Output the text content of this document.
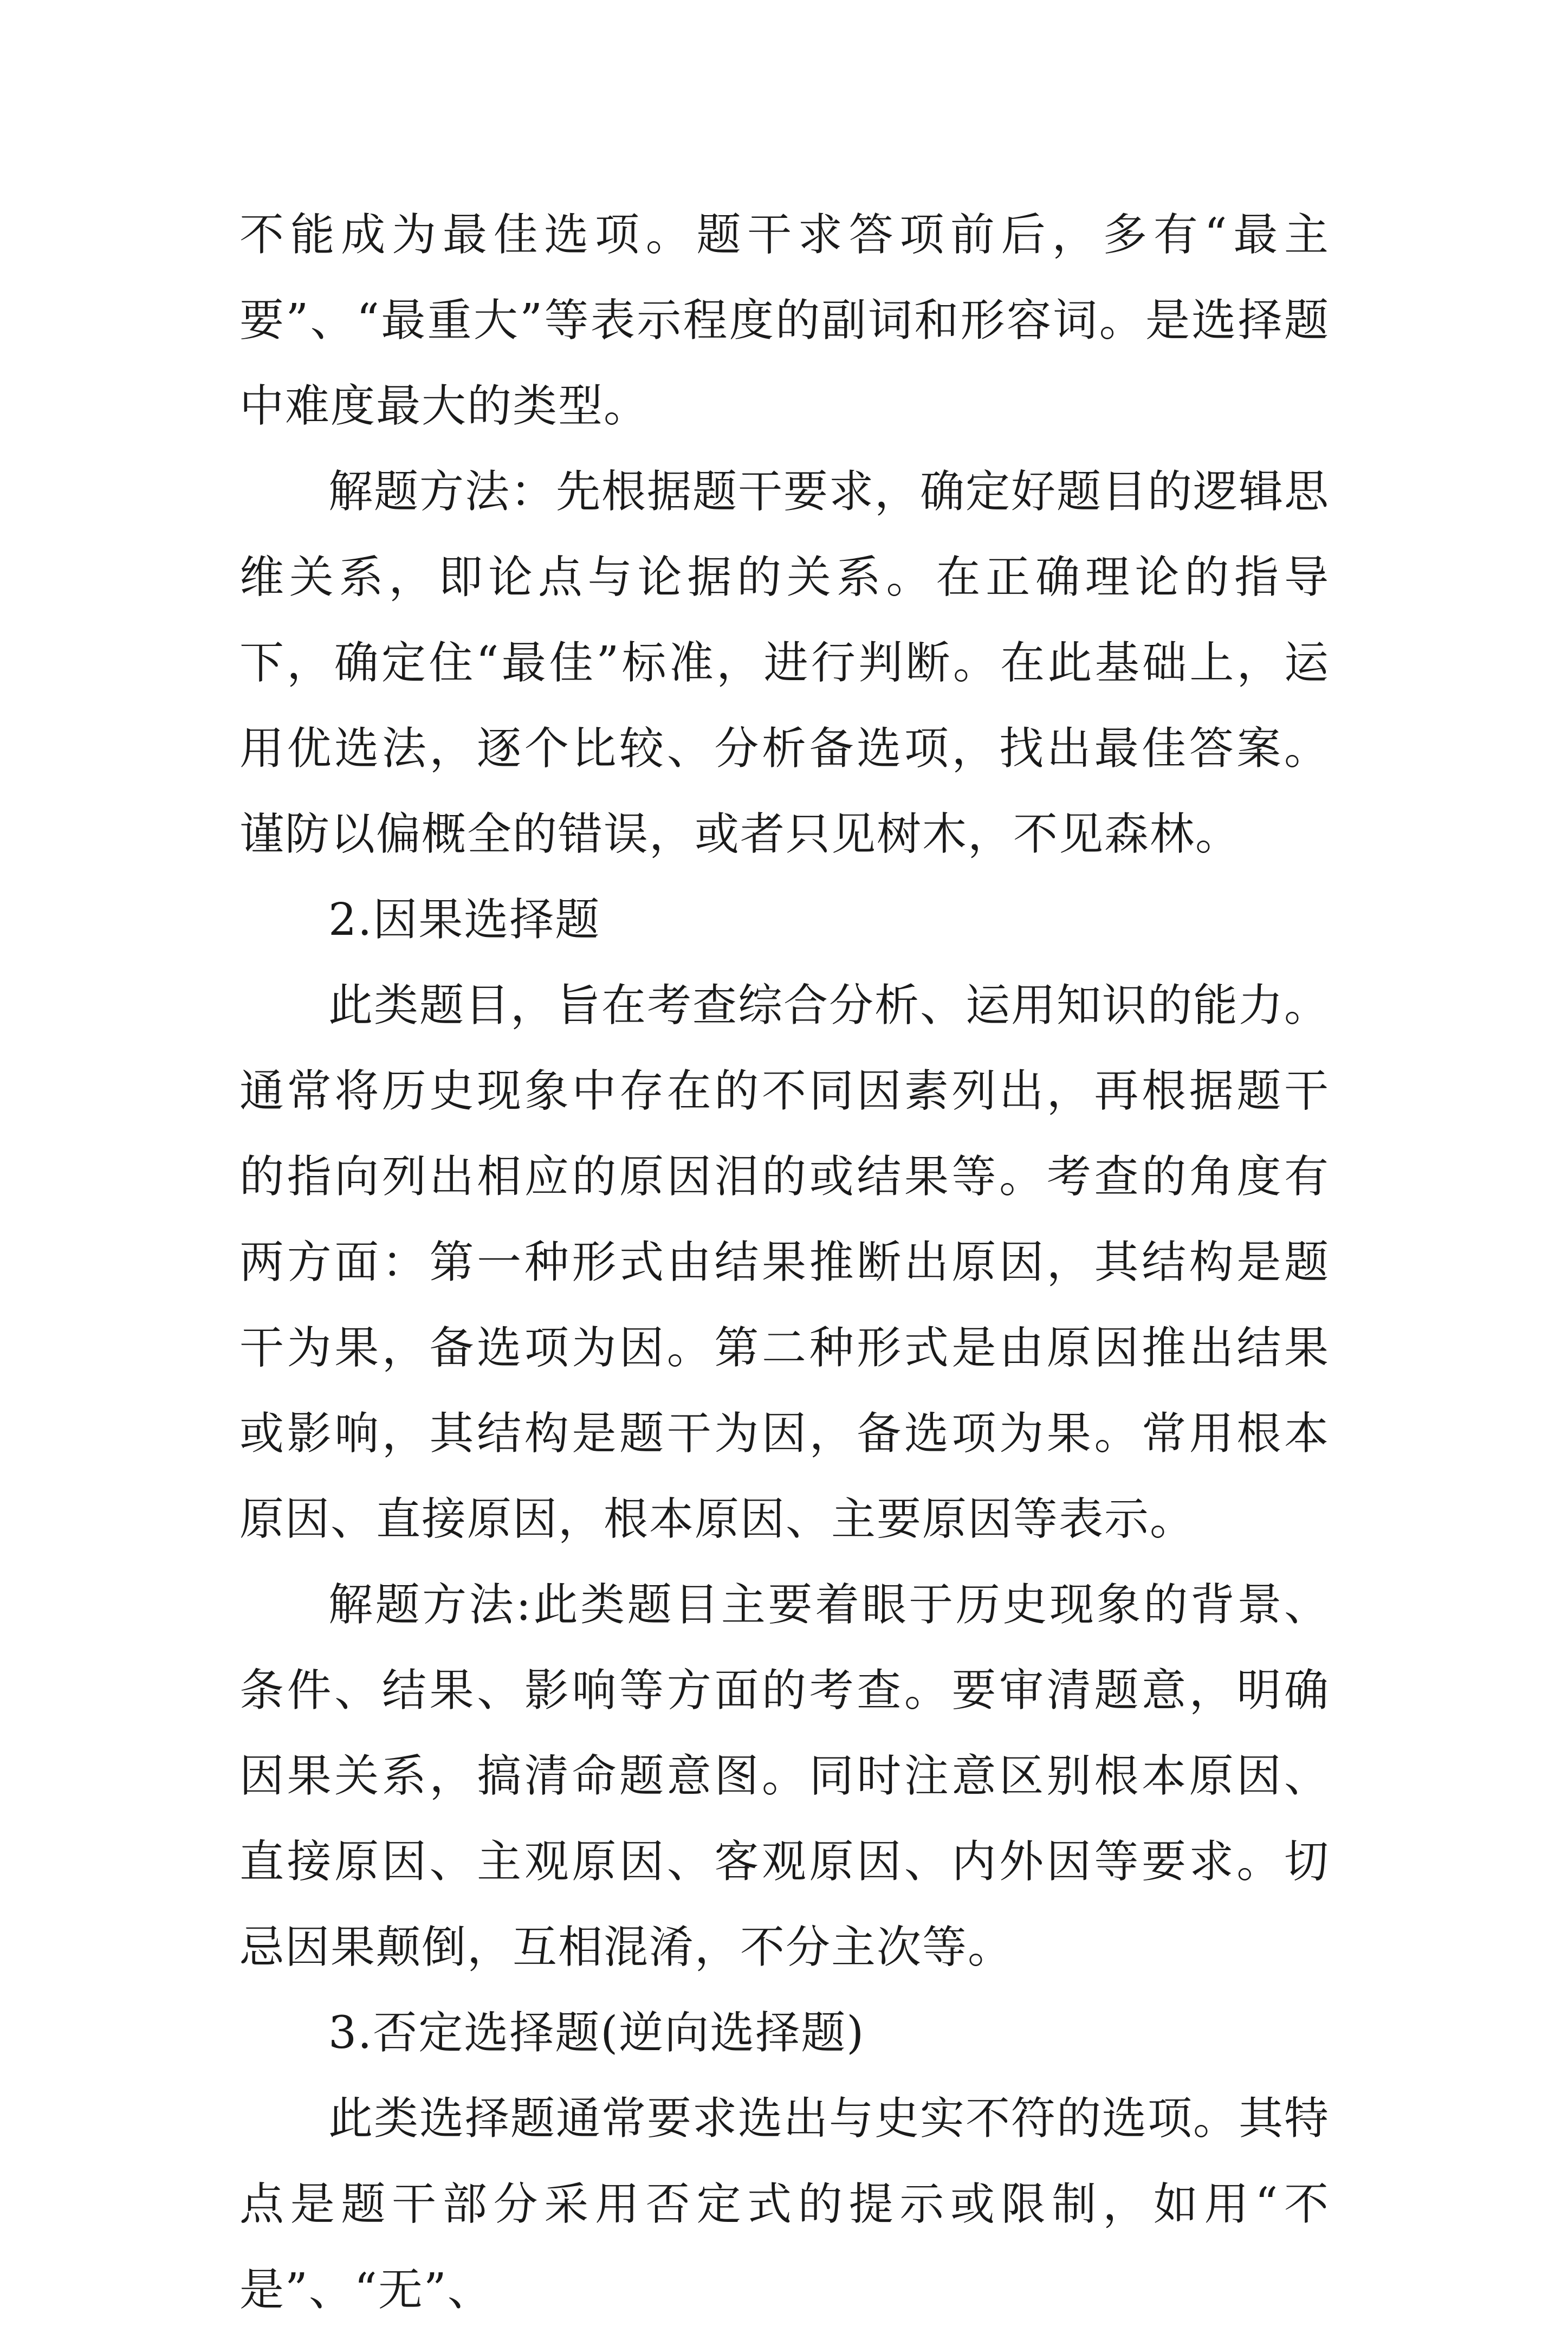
不能成为最佳选项。题干求答项前后，多有“最主要”、“最重大”等表示程度的副词和形容词。是选择题中难度最大的类型。

解题方法：先根据题干要求，确定好题目的逻辑思维关系，即论点与论据的关系。在正确理论的指导下，确定住“最佳”标准，进行判断。在此基础上，运用优选法，逐个比较、分析备选项，找出最佳答案。谨防以偏概全的错误，或者只见树木，不见森林。

2.因果选择题

此类题目，旨在考查综合分析、运用知识的能力。通常将历史现象中存在的不同因素列出，再根据题干的指向列出相应的原因泪的或结果等。考查的角度有两方面：第一种形式由结果推断出原因，其结构是题干为果，备选项为因。第二种形式是由原因推出结果或影响，其结构是题干为因，备选项为果。常用根本原因、直接原因，根本原因、主要原因等表示。

解题方法:此类题目主要着眼于历史现象的背景、条件、结果、影响等方面的考查。要审清题意，明确因果关系，搞清命题意图。同时注意区别根本原因、直接原因、主观原因、客观原因、内外因等要求。切忌因果颠倒，互相混淆，不分主次等。

3.否定选择题(逆向选择题)

此类选择题通常要求选出与史实不符的选项。其特点是题干部分采用否定式的提示或限制，如用“不是”、“无”、
